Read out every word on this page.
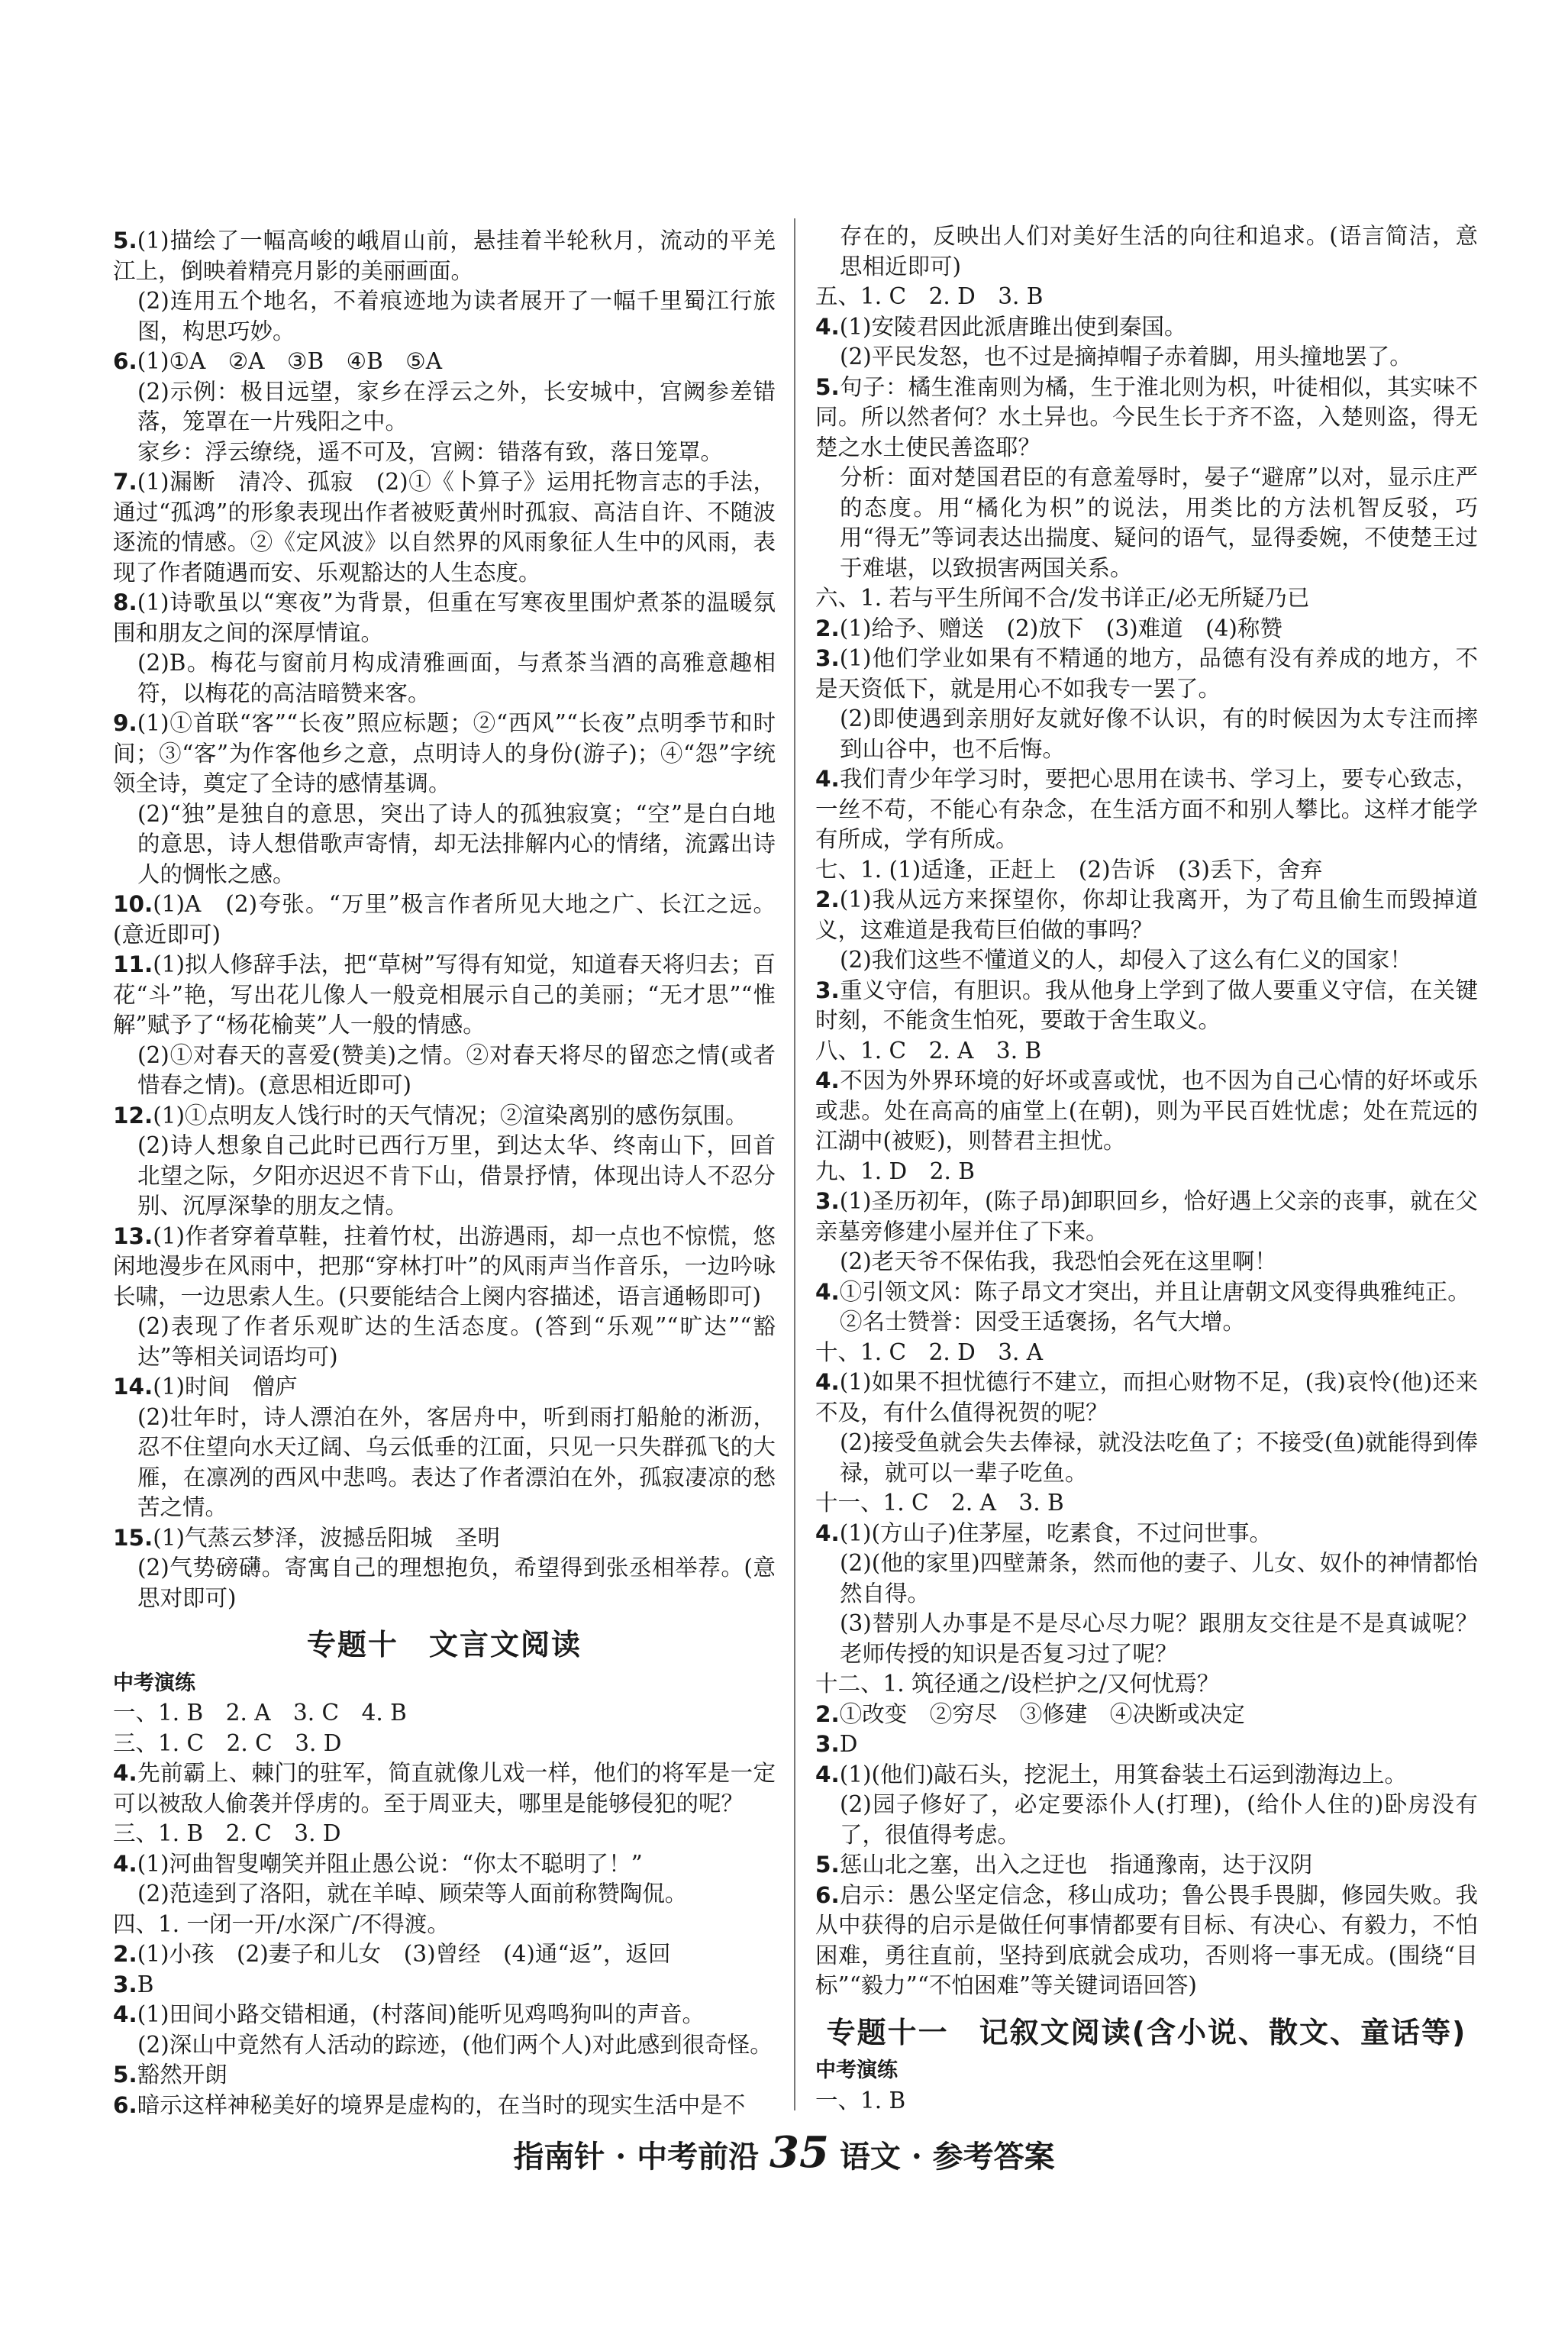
5.(1)描绘了一幅高峻的峨眉山前，悬挂着半轮秋月，流动的平羌江上，倒映着精亮月影的美丽画面。

(2)连用五个地名，不着痕迹地为读者展开了一幅千里蜀江行旅图，构思巧妙。

6.(1)①A　②A　③B　④B　⑤A

(2)示例：极目远望，家乡在浮云之外，长安城中，宫阙参差错落，笼罩在一片残阳之中。

家乡：浮云缭绕，遥不可及，宫阙：错落有致，落日笼罩。

7.(1)漏断　清冷、孤寂　(2)①《卜算子》运用托物言志的手法，通过“孤鸿”的形象表现出作者被贬黄州时孤寂、高洁自许、不随波逐流的情感。②《定风波》以自然界的风雨象征人生中的风雨，表现了作者随遇而安、乐观豁达的人生态度。

8.(1)诗歌虽以“寒夜”为背景，但重在写寒夜里围炉煮茶的温暖氛围和朋友之间的深厚情谊。

(2)B。梅花与窗前月构成清雅画面，与煮茶当酒的高雅意趣相符，以梅花的高洁暗赞来客。

9.(1)①首联“客”“长夜”照应标题；②“西风”“长夜”点明季节和时间；③“客”为作客他乡之意，点明诗人的身份(游子)；④“怨”字统领全诗，奠定了全诗的感情基调。

(2)“独”是独自的意思，突出了诗人的孤独寂寞；“空”是白白地的意思，诗人想借歌声寄情，却无法排解内心的情绪，流露出诗人的惆怅之感。

10.(1)A　(2)夸张。“万里”极言作者所见大地之广、长江之远。(意近即可)

11.(1)拟人修辞手法，把“草树”写得有知觉，知道春天将归去；百花“斗”艳，写出花儿像人一般竞相展示自己的美丽；“无才思”“惟解”赋予了“杨花榆荚”人一般的情感。

(2)①对春天的喜爱(赞美)之情。②对春天将尽的留恋之情(或者惜春之情)。(意思相近即可)

12.(1)①点明友人饯行时的天气情况；②渲染离别的感伤氛围。

(2)诗人想象自己此时已西行万里，到达太华、终南山下，回首北望之际，夕阳亦迟迟不肯下山，借景抒情，体现出诗人不忍分别、沉厚深挚的朋友之情。

13.(1)作者穿着草鞋，拄着竹杖，出游遇雨，却一点也不惊慌，悠闲地漫步在风雨中，把那“穿林打叶”的风雨声当作音乐，一边吟咏长啸，一边思索人生。(只要能结合上阕内容描述，语言通畅即可)

(2)表现了作者乐观旷达的生活态度。(答到“乐观”“旷达”“豁达”等相关词语均可)

14.(1)时间　僧庐

(2)壮年时，诗人漂泊在外，客居舟中，听到雨打船舱的淅沥，忍不住望向水天辽阔、乌云低垂的江面，只见一只失群孤飞的大雁，在凛冽的西风中悲鸣。表达了作者漂泊在外，孤寂凄凉的愁苦之情。

15.(1)气蒸云梦泽，波撼岳阳城　圣明

(2)气势磅礴。寄寓自己的理想抱负，希望得到张丞相举荐。(意思对即可)

专题十　文言文阅读
中考演练

一、1. B　2. A　3. C　4. B

三、1. C　2. C　3. D

4.先前霸上、棘门的驻军，简直就像儿戏一样，他们的将军是一定可以被敌人偷袭并俘虏的。至于周亚夫，哪里是能够侵犯的呢？

三、1. B　2. C　3. D

4.(1)河曲智叟嘲笑并阻止愚公说：“你太不聪明了！”

(2)范逵到了洛阳，就在羊晫、顾荣等人面前称赞陶侃。

四、1. 一闭一开/水深广/不得渡。

2.(1)小孩　(2)妻子和儿女　(3)曾经　(4)通“返”，返回

3.B

4.(1)田间小路交错相通，(村落间)能听见鸡鸣狗叫的声音。

(2)深山中竟然有人活动的踪迹，(他们两个人)对此感到很奇怪。

5.豁然开朗

6.暗示这样神秘美好的境界是虚构的，在当时的现实生活中是不

存在的，反映出人们对美好生活的向往和追求。(语言简洁，意思相近即可)

五、1. C　2. D　3. B

4.(1)安陵君因此派唐雎出使到秦国。

(2)平民发怒，也不过是摘掉帽子赤着脚，用头撞地罢了。

5.句子：橘生淮南则为橘，生于淮北则为枳，叶徒相似，其实味不同。所以然者何？水土异也。今民生长于齐不盗，入楚则盗，得无楚之水土使民善盗耶？

分析：面对楚国君臣的有意羞辱时，晏子“避席”以对，显示庄严的态度。用“橘化为枳”的说法，用类比的方法机智反驳，巧用“得无”等词表达出揣度、疑问的语气，显得委婉，不使楚王过于难堪，以致损害两国关系。

六、1. 若与平生所闻不合/发书详正/必无所疑乃已

2.(1)给予、赠送　(2)放下　(3)难道　(4)称赞

3.(1)他们学业如果有不精通的地方，品德有没有养成的地方，不是天资低下，就是用心不如我专一罢了。

(2)即使遇到亲朋好友就好像不认识，有的时候因为太专注而摔到山谷中，也不后悔。

4.我们青少年学习时，要把心思用在读书、学习上，要专心致志，一丝不苟，不能心有杂念，在生活方面不和别人攀比。这样才能学有所成，学有所成。

七、1. (1)适逢，正赶上　(2)告诉　(3)丢下，舍弃

2.(1)我从远方来探望你，你却让我离开，为了苟且偷生而毁掉道义，这难道是我荀巨伯做的事吗？

(2)我们这些不懂道义的人，却侵入了这么有仁义的国家！

3.重义守信，有胆识。我从他身上学到了做人要重义守信，在关键时刻，不能贪生怕死，要敢于舍生取义。

八、1. C　2. A　3. B

4.不因为外界环境的好坏或喜或忧，也不因为自己心情的好坏或乐或悲。处在高高的庙堂上(在朝)，则为平民百姓忧虑；处在荒远的江湖中(被贬)，则替君主担忧。

九、1. D　2. B

3.(1)圣历初年，(陈子昂)卸职回乡，恰好遇上父亲的丧事，就在父亲墓旁修建小屋并住了下来。

(2)老天爷不保佑我，我恐怕会死在这里啊！

4.①引领文风：陈子昂文才突出，并且让唐朝文风变得典雅纯正。

②名士赞誉：因受王适褒扬，名气大增。

十、1. C　2. D　3. A

4.(1)如果不担忧德行不建立，而担心财物不足，(我)哀怜(他)还来不及，有什么值得祝贺的呢？

(2)接受鱼就会失去俸禄，就没法吃鱼了；不接受(鱼)就能得到俸禄，就可以一辈子吃鱼。

十一、1. C　2. A　3. B

4.(1)(方山子)住茅屋，吃素食，不过问世事。

(2)(他的家里)四壁萧条，然而他的妻子、儿女、奴仆的神情都怡然自得。

(3)替别人办事是不是尽心尽力呢？跟朋友交往是不是真诚呢？老师传授的知识是否复习过了呢？

十二、1. 筑径通之/设栏护之/又何忧焉？

2.①改变　②穷尽　③修建　④决断或决定

3.D

4.(1)(他们)敲石头，挖泥土，用箕畚装土石运到渤海边上。

(2)园子修好了，必定要添仆人(打理)，(给仆人住的)卧房没有了，很值得考虑。

5.惩山北之塞，出入之迂也　指通豫南，达于汉阴

6.启示：愚公坚定信念，移山成功；鲁公畏手畏脚，修园失败。我从中获得的启示是做任何事情都要有目标、有决心、有毅力，不怕困难，勇往直前，坚持到底就会成功，否则将一事无成。(围绕“目标”“毅力”“不怕困难”等关键词语回答)

专题十一　记叙文阅读(含小说、散文、童话等)
中考演练

一、1. B

指南针 · 中考前沿 35 语文 · 参考答案
